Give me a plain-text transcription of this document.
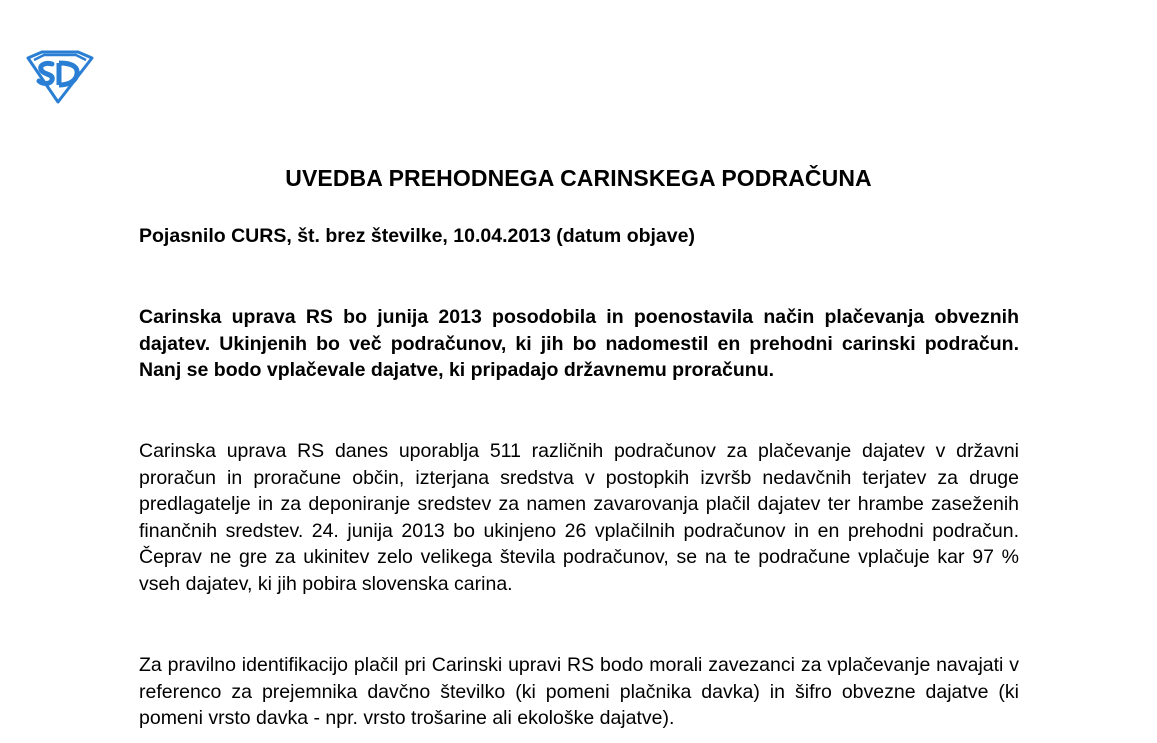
UVEDBA PREHODNEGA CARINSKEGA PODRAČUNA
Pojasnilo CURS, št. brez številke, 10.04.2013 (datum objave)
Carinska uprava RS bo junija 2013 posodobila in poenostavila način plačevanja obveznih dajatev. Ukinjenih bo več podračunov, ki jih bo nadomestil en prehodni carinski podračun. Nanj se bodo vplačevale dajatve, ki pripadajo državnemu proračunu.
Carinska uprava RS danes uporablja 511 različnih podračunov za plačevanje dajatev v državni proračun in proračune občin, izterjana sredstva v postopkih izvršb nedavčnih terjatev za druge predlagatelje in za deponiranje sredstev za namen zavarovanja plačil dajatev ter hrambe zaseženih finančnih sredstev. 24. junija 2013 bo ukinjeno 26 vplačilnih podračunov in en prehodni podračun. Čeprav ne gre za ukinitev zelo velikega števila podračunov, se na te podračune vplačuje kar 97 % vseh dajatev, ki jih pobira slovenska carina.
Za pravilno identifikacijo plačil pri Carinski upravi RS bodo morali zavezanci za vplačevanje navajati v referenco za prejemnika davčno številko (ki pomeni plačnika davka) in šifro obvezne dajatve (ki pomeni vrsto davka - npr. vrsto trošarine ali ekološke dajatve).
